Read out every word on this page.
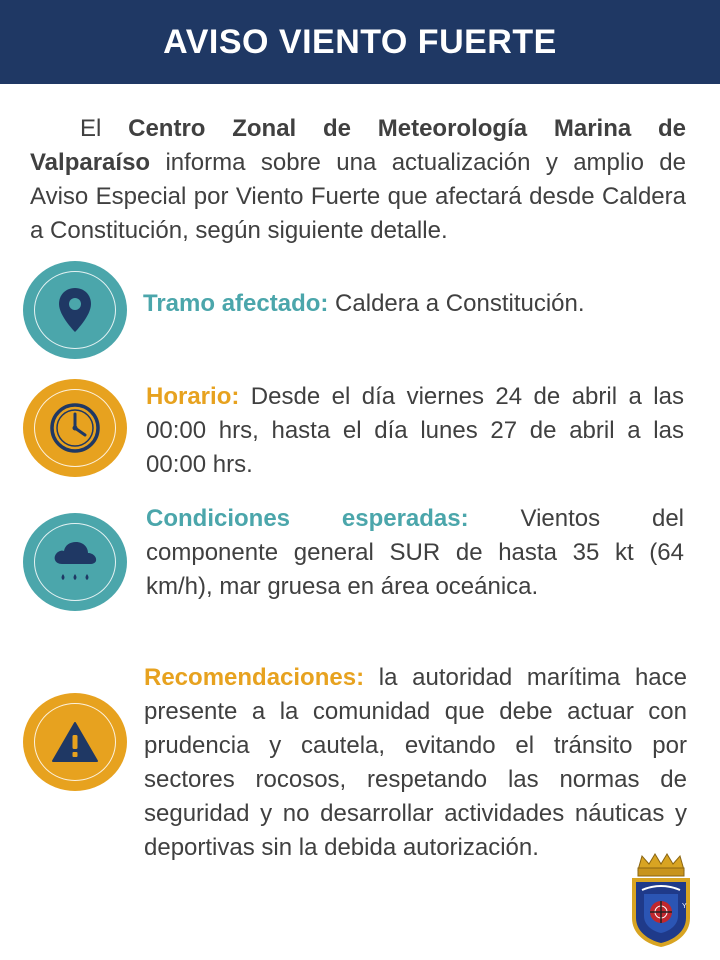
AVISO VIENTO FUERTE
El Centro Zonal de Meteorología Marina de Valparaíso informa sobre una actualización y amplio de Aviso Especial por Viento Fuerte que afectará desde Caldera a Constitución, según siguiente detalle.
Tramo afectado: Caldera a Constitución.
Horario: Desde el día viernes 24 de abril a las 00:00 hrs, hasta el día lunes 27 de abril a las 00:00 hrs.
Condiciones esperadas: Vientos del componente general SUR de hasta 35 kt (64 km/h), mar gruesa en área oceánica.
Recomendaciones: la autoridad marítima hace presente a la comunidad que debe actuar con prudencia y cautela, evitando el tránsito por sectores rocosos, respetando las normas de seguridad y no desarrollar actividades náuticas y deportivas sin la debida autorización.
Y
